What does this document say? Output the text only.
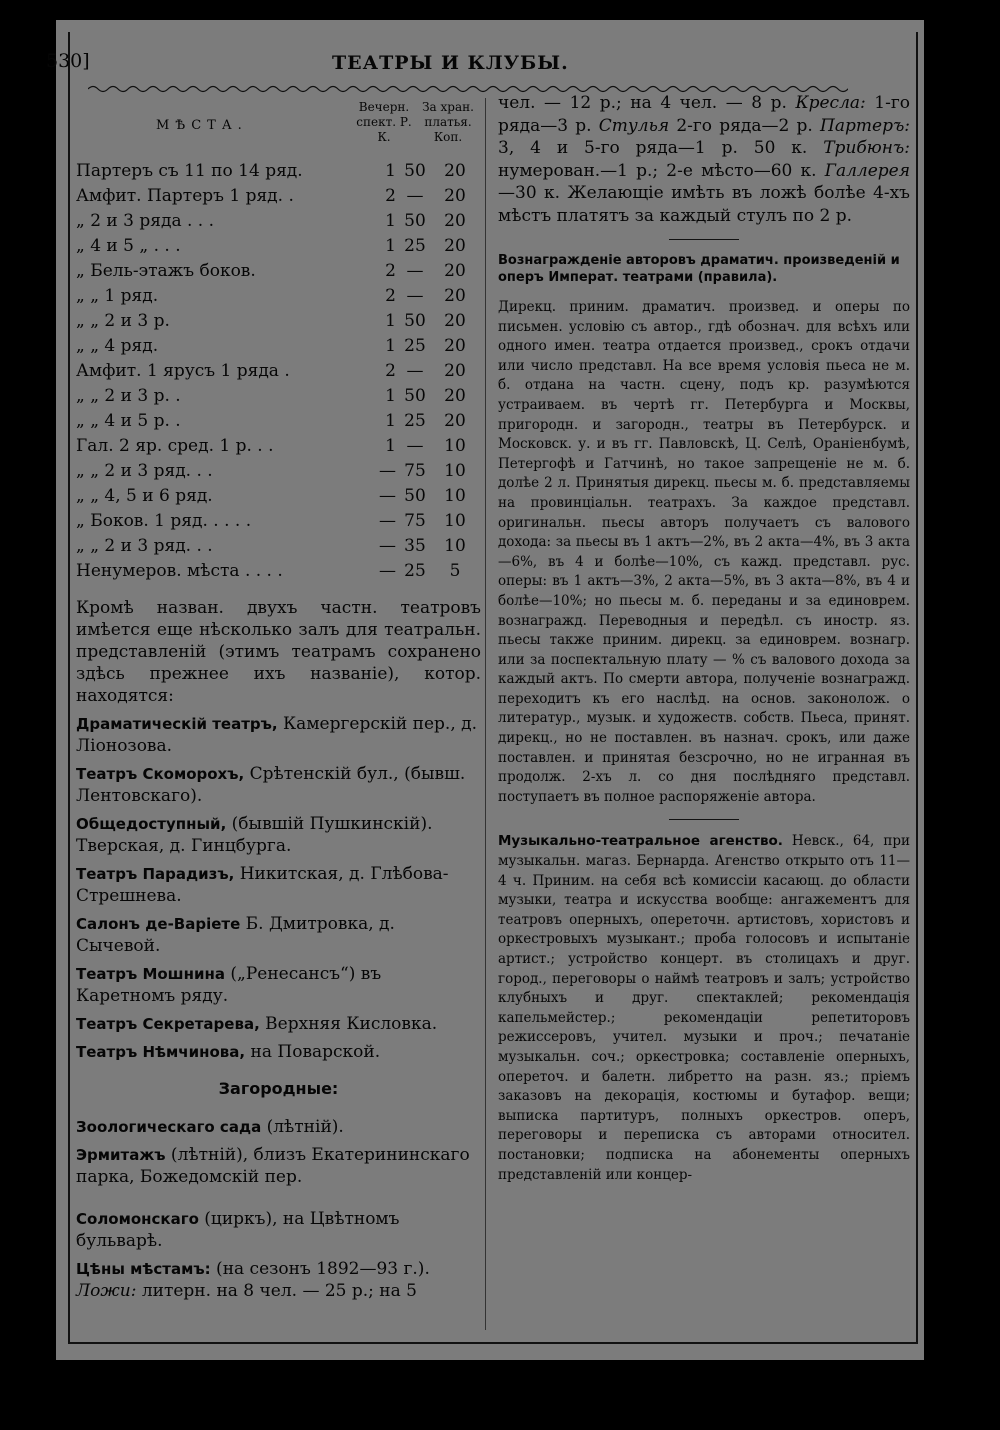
530]	ТЕАТРЫ И КЛУБЫ.
МѢСТА.
Вечерн. спект. Р. К.
За хран. платья. Коп.
Партеръ съ 11 по 14 ряд.	1	50	20
Амфит. Партеръ 1 ряд. .	2	—	20
„ 2 и 3 ряда . . .	1	50	20
„ 4 и 5 „ . . .	1	25	20
„ Бель-этажъ боков.	2	—	20
„ „ 1 ряд.	2	—	20
„ „ 2 и 3 р.	1	50	20
„ „ 4 ряд.	1	25	20
Амфит. 1 ярусъ 1 ряда .	2	—	20
„ „ 2 и 3 р. .	1	50	20
„ „ 4 и 5 р. .	1	25	20
Гал. 2 яр. сред. 1 р. . .	1	—	10
„ „ 2 и 3 ряд. . .	—	75	10
„ „ 4, 5 и 6 ряд.	—	50	10
„ Боков. 1 ряд. . . . .	—	75	10
„ „ 2 и 3 ряд. . .	—	35	10
Ненумеров. мѣста . . . .	—	25	5

Кромѣ назван. двухъ частн. театровъ имѣется еще нѣсколько залъ для театральн. представленій (этимъ театрамъ сохранено здѣсь прежнее ихъ названіе), котор. находятся:

Драматическій театръ, Камергерскій пер., д. Ліонозова.

Театръ Скоморохъ, Срѣтенскій бул., (бывш. Лентовскаго).

Общедоступный, (бывшій Пушкинскій). Тверская, д. Гинцбурга.

Театръ Парадизъ, Никитская, д. Глѣбова-Стрешнева.

Салонъ де-Варіете Б. Дмитровка, д. Сычевой.

Театръ Мошнина („Ренесансъ“) въ Каретномъ ряду.

Театръ Секретарева, Верхняя Кисловка.

Театръ Нѣмчинова, на Поварской.

Загородные:

Зоологическаго сада (лѣтній).

Эрмитажъ (лѣтній), близъ Екатерининскаго парка, Божедомскій пер.

Соломонскаго (циркъ), на Цвѣтномъ бульварѣ.

Цѣны мѣстамъ: (на сезонъ 1892—93 г.).

Ложи: литерн. на 8 чел. — 25 р.; на 5

чел. — 12 р.; на 4 чел. — 8 р. Кресла: 1-го ряда—3 р. Стулья 2-го ряда—2 р. Партеръ: 3, 4 и 5-го ряда—1 р. 50 к. Трибюнъ: нумерован.—1 р.; 2-е мѣсто—60 к. Галлерея—30 к. Желающіе имѣть въ ложѣ болѣе 4-хъ мѣстъ платятъ за каждый стулъ по 2 р.

Вознагражденіе авторовъ драматич. произведеній и оперъ Императ. театрами (правила).

Дирекц. приним. драматич. произвед. и оперы по письмен. условію съ автор., гдѣ обознач. для всѣхъ или одного имен. театра отдается произвед., срокъ отдачи или число представл. На все время условія пьеса не м. б. отдана на частн. сцену, подъ кр. разумѣются устраиваем. въ чертѣ гг. Петербурга и Москвы, пригородн. и загородн., театры въ Петербурск. и Московск. у. и въ гг. Павловскѣ, Ц. Селѣ, Ораніенбумѣ, Петергофѣ и Гатчинѣ, но такое запрещеніе не м. б. долѣе 2 л. Принятыя дирекц. пьесы м. б. представляемы на провинціальн. театрахъ. За каждое представл. оригинальн. пьесы авторъ получаетъ съ валового дохода: за пьесы въ 1 актъ—2%, въ 2 акта—4%, въ 3 акта—6%, въ 4 и болѣе—10%, съ кажд. представл. рус. оперы: въ 1 актъ—3%, 2 акта—5%, въ 3 акта—8%, въ 4 и болѣе—10%; но пьесы м. б. переданы и за единоврем. вознагражд. Переводныя и передѣл. съ иностр. яз. пьесы также приним. дирекц. за единоврем. вознагр. или за поспектальную плату — % съ валового дохода за каждый актъ. По смерти автора, полученіе вознагражд. переходитъ къ его наслѣд. на основ. законолож. о литератур., музык. и художеств. собств. Пьеса, принят. дирекц., но не поставлен. въ назнач. срокъ, или даже поставлен. и принятая безсрочно, но не игранная въ продолж. 2-хъ л. со дня послѣдняго представл. поступаетъ въ полное распоряженіе автора.

Музыкально-театральное агенство. Невск., 64, при музыкальн. магаз. Бернарда. Агенство открыто отъ 11—4 ч. Приним. на себя всѣ комиссіи касающ. до области музыки, театра и искусства вообще: ангажементъ для театровъ оперныхъ, опереточн. артистовъ, хористовъ и оркестровыхъ музыкант.; проба голосовъ и испытаніе артист.; устройство концерт. въ столицахъ и друг. город., переговоры о наймѣ театровъ и залъ; устройство клубныхъ и друг. спектаклей; рекомендація капельмейстер.; рекомендаціи репетиторовъ режиссеровъ, учител. музыки и проч.; печатаніе музыкальн. соч.; оркестровка; составленіе оперныхъ, опереточ. и балетн. либретто на разн. яз.; пріемъ заказовъ на декорація, костюмы и бутафор. вещи; выписка партитуръ, полныхъ оркестров. оперъ, переговоры и переписка съ авторами относител. постановки; подписка на абонементы оперныхъ представленій или концер-
